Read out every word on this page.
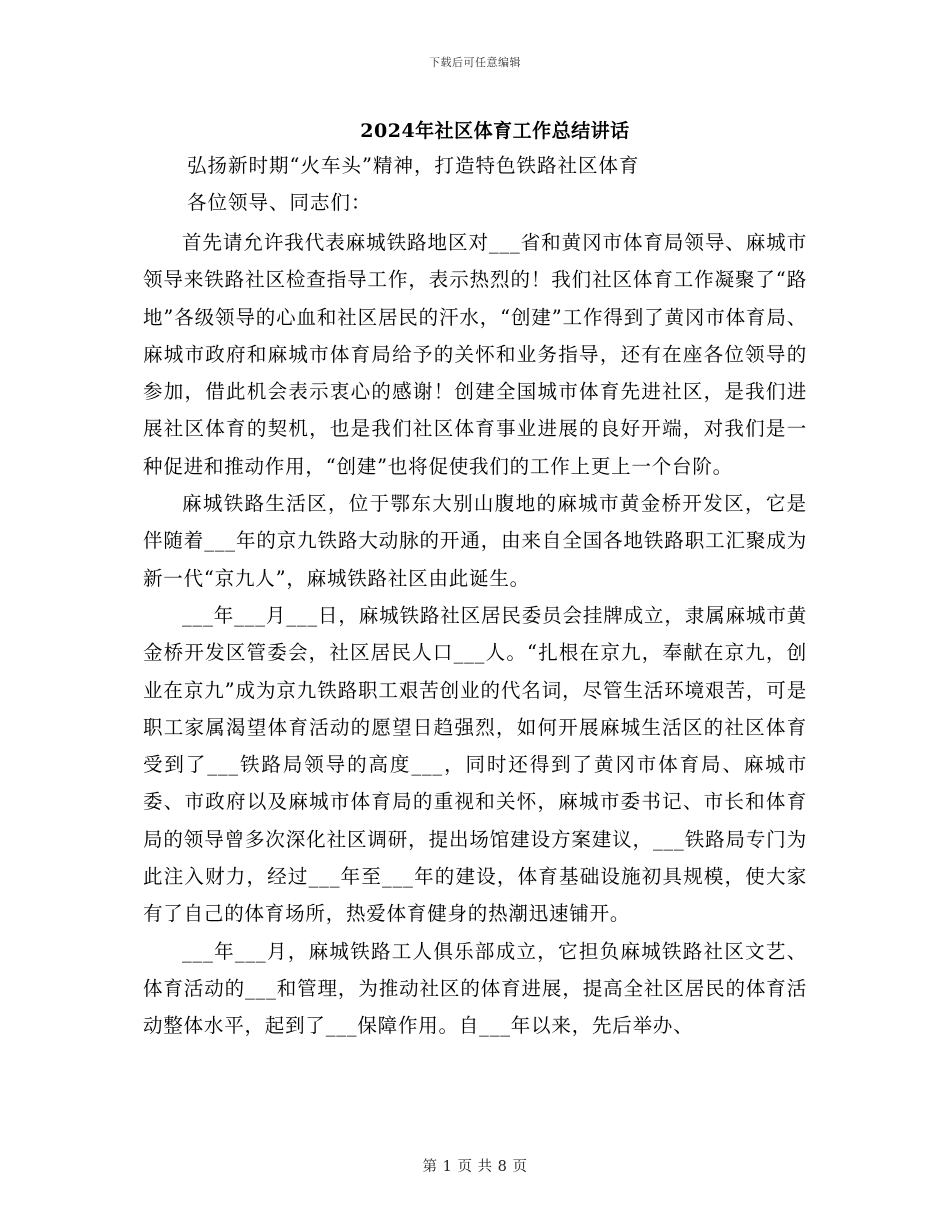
下载后可任意编辑
2024年社区体育工作总结讲话
弘扬新时期“火车头”精神，打造特色铁路社区体育
各位领导、同志们：

首先请允许我代表麻城铁路地区对___省和黄冈市体育局领导、麻城市领导来铁路社区检查指导工作，表示热烈的！我们社区体育工作凝聚了“路地”各级领导的心血和社区居民的汗水，“创建”工作得到了黄冈市体育局、麻城市政府和麻城市体育局给予的关怀和业务指导，还有在座各位领导的参加，借此机会表示衷心的感谢！创建全国城市体育先进社区，是我们进展社区体育的契机，也是我们社区体育事业进展的良好开端，对我们是一种促进和推动作用，“创建”也将促使我们的工作上更上一个台阶。

麻城铁路生活区，位于鄂东大别山腹地的麻城市黄金桥开发区，它是伴随着___年的京九铁路大动脉的开通，由来自全国各地铁路职工汇聚成为新一代“京九人”，麻城铁路社区由此诞生。

___年___月___日，麻城铁路社区居民委员会挂牌成立，隶属麻城市黄金桥开发区管委会，社区居民人口___人。“扎根在京九，奉献在京九，创业在京九”成为京九铁路职工艰苦创业的代名词，尽管生活环境艰苦，可是职工家属渴望体育活动的愿望日趋强烈，如何开展麻城生活区的社区体育受到了___铁路局领导的高度___，同时还得到了黄冈市体育局、麻城市委、市政府以及麻城市体育局的重视和关怀，麻城市委书记、市长和体育局的领导曾多次深化社区调研，提出场馆建设方案建议，___铁路局专门为此注入财力，经过___年至___年的建设，体育基础设施初具规模，使大家有了自己的体育场所，热爱体育健身的热潮迅速铺开。

___年___月，麻城铁路工人俱乐部成立，它担负麻城铁路社区文艺、体育活动的___和管理，为推动社区的体育进展，提高全社区居民的体育活动整体水平，起到了___保障作用。自___年以来，先后举办、

第 1 页 共 8 页
